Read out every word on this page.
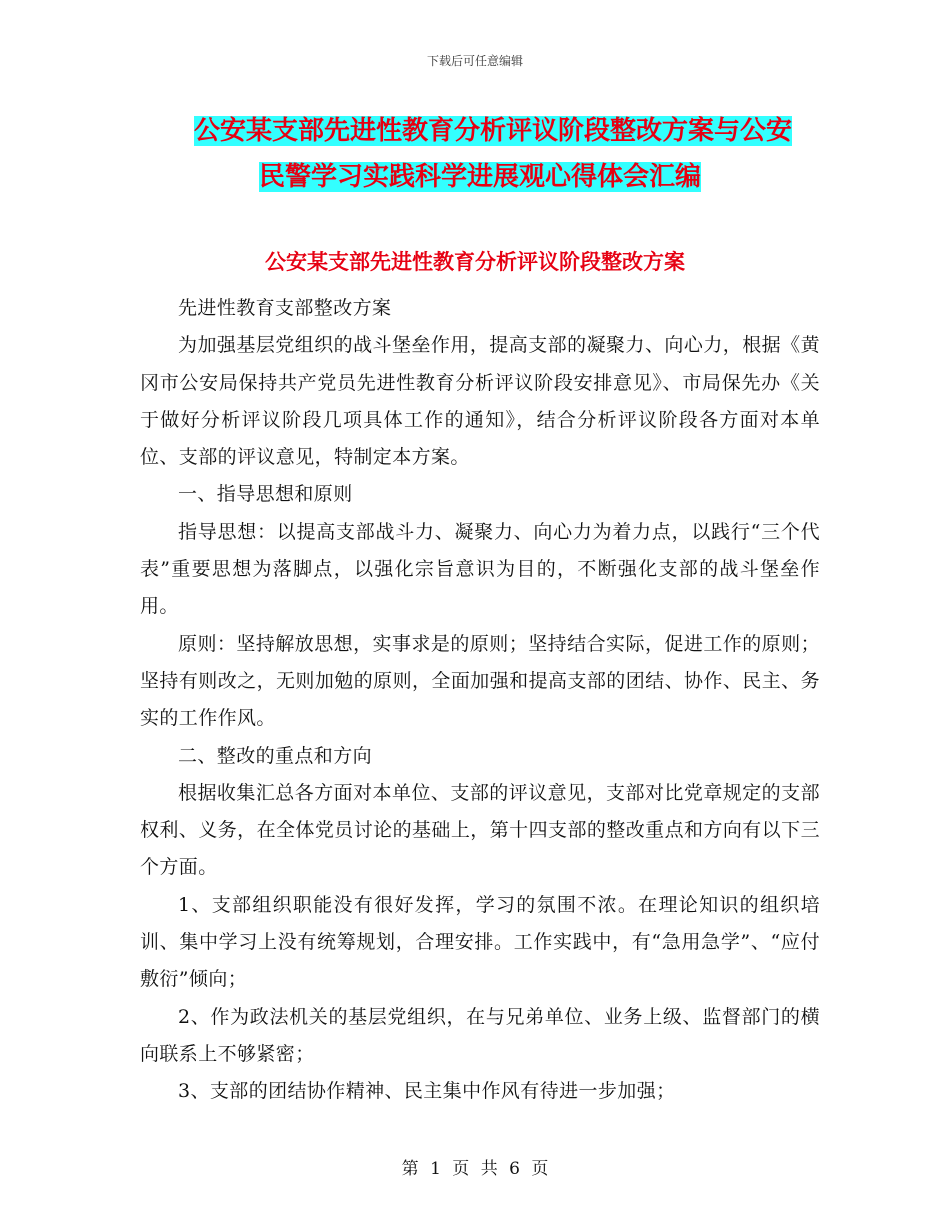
下载后可任意编辑
公安某支部先进性教育分析评议阶段整改方案与公安
民警学习实践科学进展观心得体会汇编
公安某支部先进性教育分析评议阶段整改方案

先进性教育支部整改方案

为加强基层党组织的战斗堡垒作用，提高支部的凝聚力、向心力，根据《黄冈市公安局保持共产党员先进性教育分析评议阶段安排意见》、市局保先办《关于做好分析评议阶段几项具体工作的通知》，结合分析评议阶段各方面对本单位、支部的评议意见，特制定本方案。

一、指导思想和原则

指导思想：以提高支部战斗力、凝聚力、向心力为着力点，以践行“三个代表”重要思想为落脚点，以强化宗旨意识为目的，不断强化支部的战斗堡垒作用。

原则：坚持解放思想，实事求是的原则；坚持结合实际，促进工作的原则；坚持有则改之，无则加勉的原则，全面加强和提高支部的团结、协作、民主、务实的工作作风。

二、整改的重点和方向

根据收集汇总各方面对本单位、支部的评议意见，支部对比党章规定的支部权利、义务，在全体党员讨论的基础上，第十四支部的整改重点和方向有以下三个方面。

1、支部组织职能没有很好发挥，学习的氛围不浓。在理论知识的组织培训、集中学习上没有统筹规划，合理安排。工作实践中，有“急用急学”、“应付敷衍”倾向；

2、作为政法机关的基层党组织，在与兄弟单位、业务上级、监督部门的横向联系上不够紧密；

3、支部的团结协作精神、民主集中作风有待进一步加强；

第 1 页 共 6 页
